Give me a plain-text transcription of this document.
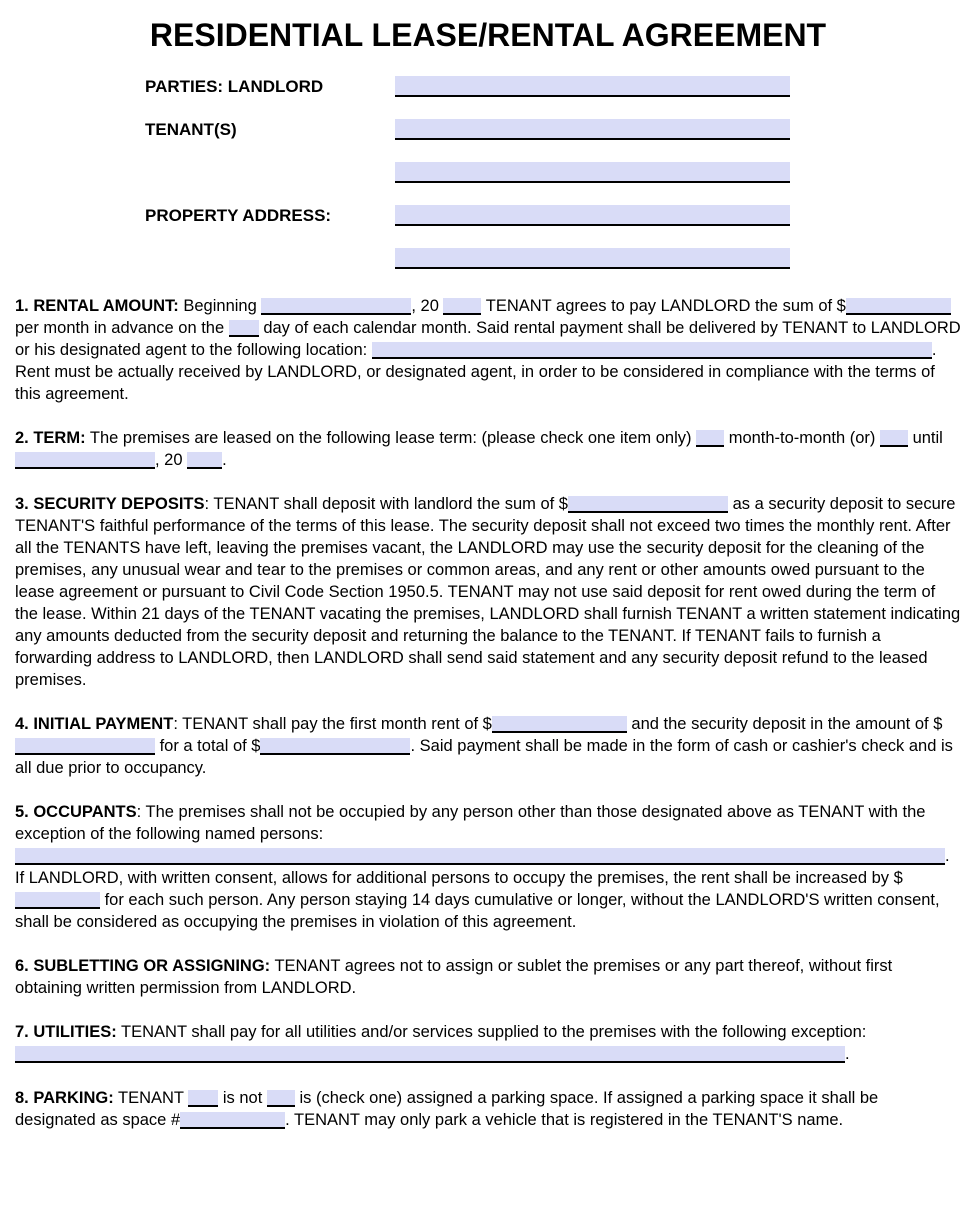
RESIDENTIAL LEASE/RENTAL AGREEMENT
PARTIES: LANDLORD
TENANT(S)
PROPERTY ADDRESS:

1. RENTAL AMOUNT: Beginning	, 20  TENANT agrees to pay LANDLORD the sum of $ per month in advance on the  day of each calendar month. Said rental payment shall be delivered by TENANT to LANDLORD or his designated agent to the following location:	. Rent must be actually received by LANDLORD, or designated agent, in order to be considered in compliance with the terms of this agreement.

2. TERM: The premises are leased on the following lease term: (please check one item only)  month-to-month (or)  until , 20 .

3. SECURITY DEPOSITS: TENANT shall deposit with landlord the sum of $	as a security deposit to secure TENANT'S faithful performance of the terms of this lease. The security deposit shall not exceed two times the monthly rent. After all the TENANTS have left, leaving the premises vacant, the LANDLORD may use the security deposit for the cleaning of the premises, any unusual wear and tear to the premises or common areas, and any rent or other amounts owed pursuant to the lease agreement or pursuant to Civil Code Section 1950.5. TENANT may not use said deposit for rent owed during the term of the lease. Within 21 days of the TENANT vacating the premises, LANDLORD shall furnish TENANT a written statement indicating any amounts deducted from the security deposit and returning the balance to the TENANT. If TENANT fails to furnish a forwarding address to LANDLORD, then LANDLORD shall send said statement and any security deposit refund to the leased premises.

4. INITIAL PAYMENT: TENANT shall pay the first month rent of $	and the security deposit in the amount of $ for a total of $	. Said payment shall be made in the form of cash or cashier's check and is all due prior to occupancy.

5. OCCUPANTS: The premises shall not be occupied by any person other than those designated above as TENANT with the exception of the following named persons: . If LANDLORD, with written consent, allows for additional persons to occupy the premises, the rent shall be increased by $  for each such person. Any person staying 14 days cumulative or longer, without the LANDLORD'S written consent, shall be considered as occupying the premises in violation of this agreement.

6. SUBLETTING OR ASSIGNING: TENANT agrees not to assign or sublet the premises or any part thereof, without first obtaining written permission from LANDLORD.

7. UTILITIES: TENANT shall pay for all utilities and/or services supplied to the premises with the following exception: .

8. PARKING: TENANT  is not  is (check one) assigned a parking space. If assigned a parking space it shall be designated as space #	. TENANT may only park a vehicle that is registered in the TENANT'S name.
